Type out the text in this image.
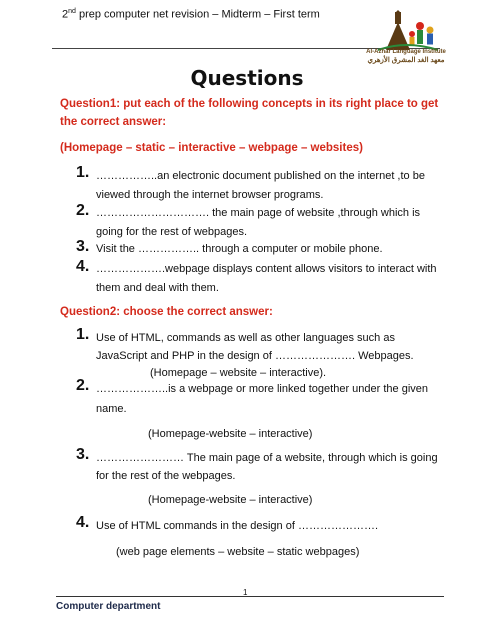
2nd prep computer net revision – Midterm – First term
Al-Azhar Language Institute
معهد الغد المشرق الأزهري
Questions
Question1: put each of the following concepts in its right place to get
the correct answer:
(Homepage – static – interactive – webpage – websites)
1. ……………..an electronic document published on the internet ,to be
viewed through the internet browser programs.
2. …………………………. the main page of website ,through which is
going for the rest of webpages.
3. Visit the …………….. through a computer or mobile phone.
4. ……………….webpage displays content allows visitors to interact with
them and deal with them.
Question2: choose the correct answer:
1. Use of HTML, commands as well as other languages such as
JavaScript and PHP in the design of …………………. Webpages.
(Homepage – website – interactive).
2. ………………..is a webpage or more linked together under the given
name.
(Homepage-website – interactive)
3. …………………… The main page of a website, through which is going
for the rest of the webpages.
(Homepage-website – interactive)
4. Use of HTML commands in the design of ………………….
(web page elements – website – static webpages)
1
Computer department
